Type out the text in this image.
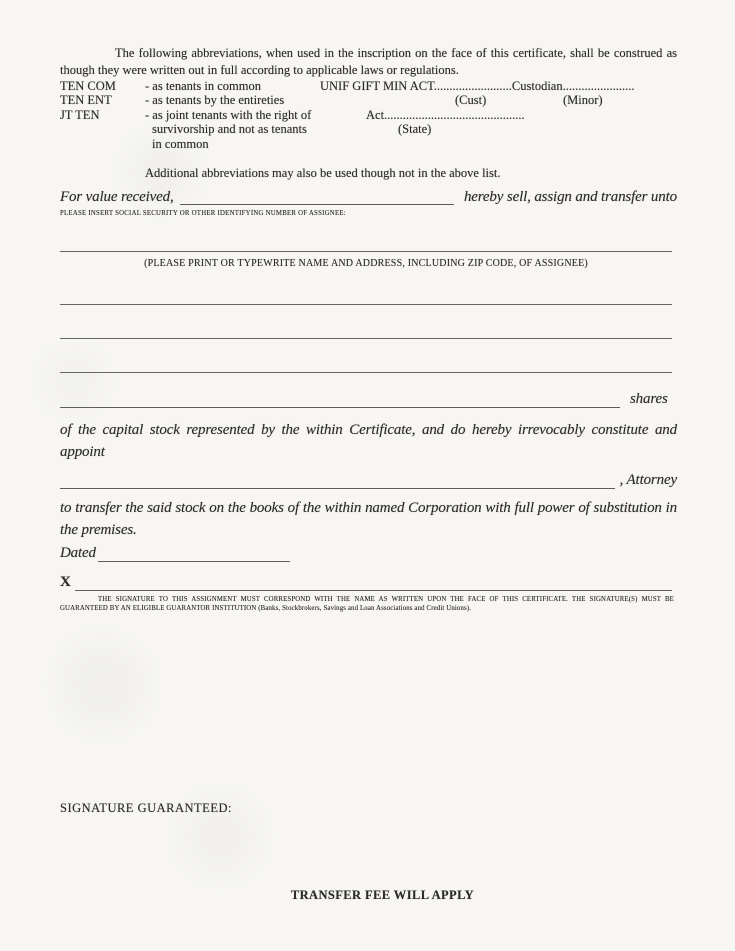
The following abbreviations, when used in the inscription on the face of this certificate, shall be construed as though they were written out in full according to applicable laws or regulations.

TEN COM - as tenants in common
TEN ENT	- as tenants by the entireties
JT TEN	- as joint tenants with the right of
survivorship and not as tenants
in common
UNIF GIFT MIN ACT.........................Custodian.......................
(Cust)	(Minor)
Act.............................................
(State)
Additional abbreviations may also be used though not in the above list.
For value received,	hereby sell, assign and transfer unto
PLEASE INSERT SOCIAL SECURITY OR OTHER IDENTIFYING NUMBER OF ASSIGNEE:
(PLEASE PRINT OR TYPEWRITE NAME AND ADDRESS, INCLUDING ZIP CODE, OF ASSIGNEE)
shares

of the capital stock represented by the within Certificate, and do hereby irrevocably constitute and appoint

, Attorney

to transfer the said stock on the books of the within named Corporation with full power of substitution in the premises.

Dated
X

THE SIGNATURE TO THIS ASSIGNMENT MUST CORRESPOND WITH THE NAME AS WRITTEN UPON THE FACE OF THIS CERTIFICATE. THE SIGNATURE(S) MUST BE GUARANTEED BY AN ELIGIBLE GUARANTOR INSTITUTION (Banks, Stockbrokers, Savings and Loan Associations and Credit Unions).

SIGNATURE GUARANTEED:
TRANSFER FEE WILL APPLY
